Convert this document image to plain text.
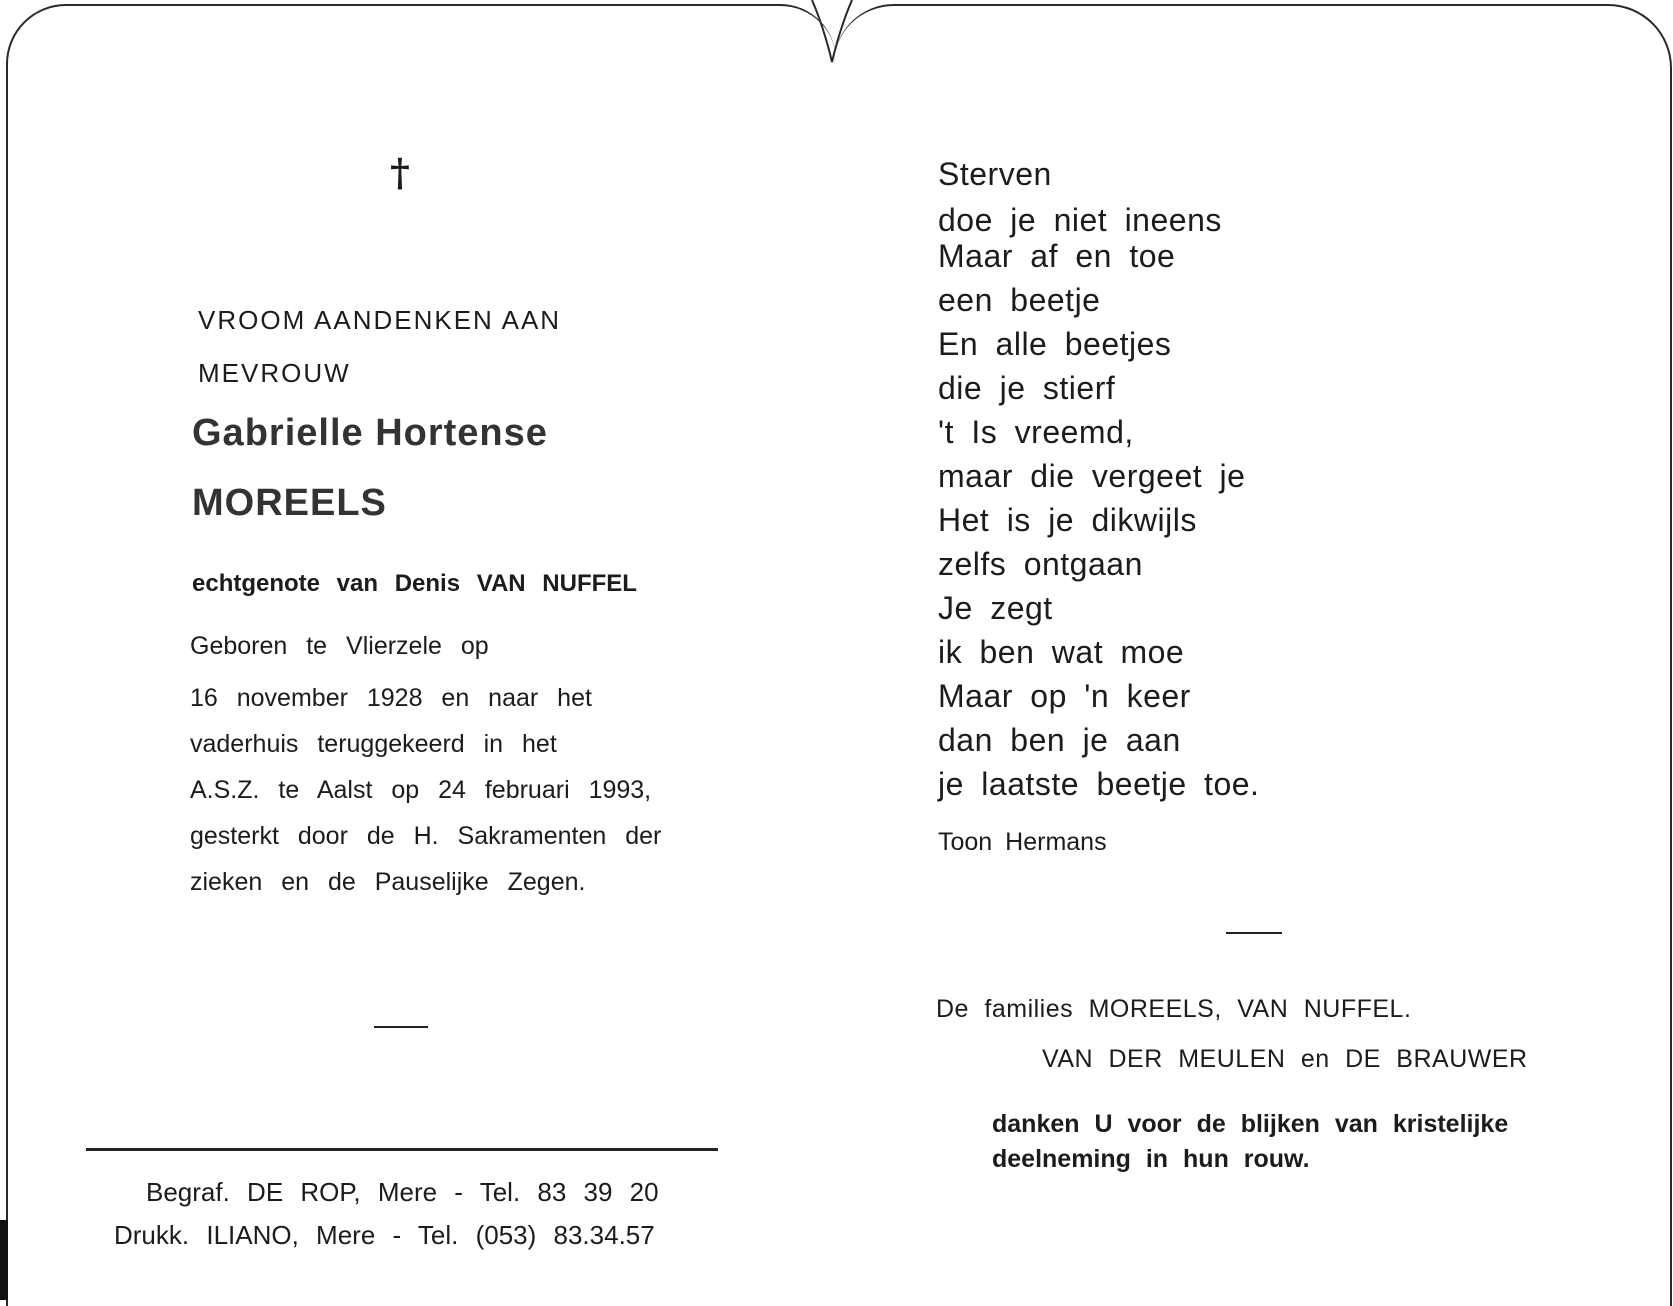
†

VROOM AANDENKEN AAN

MEVROUW

Gabrielle Hortense

MOREELS

echtgenote van Denis VAN NUFFEL

Geboren te Vlierzele op

16 november 1928 en naar het

vaderhuis teruggekeerd in het

A.S.Z. te Aalst op 24 februari 1993,

gesterkt door de H. Sakramenten der

zieken en de Pauselijke Zegen.

Begraf. DE ROP, Mere - Tel. 83 39 20

Drukk. ILIANO, Mere - Tel. (053) 83.34.57

Sterven

doe je niet ineens

Maar af en toe

een beetje

En alle beetjes

die je stierf

't Is vreemd,

maar die vergeet je

Het is je dikwijls

zelfs ontgaan

Je zegt

ik ben wat moe

Maar op 'n keer

dan ben je aan

je laatste beetje toe.

Toon Hermans

De families MOREELS, VAN NUFFEL.

VAN DER MEULEN en DE BRAUWER

danken U voor de blijken van kristelijke

deelneming in hun rouw.
